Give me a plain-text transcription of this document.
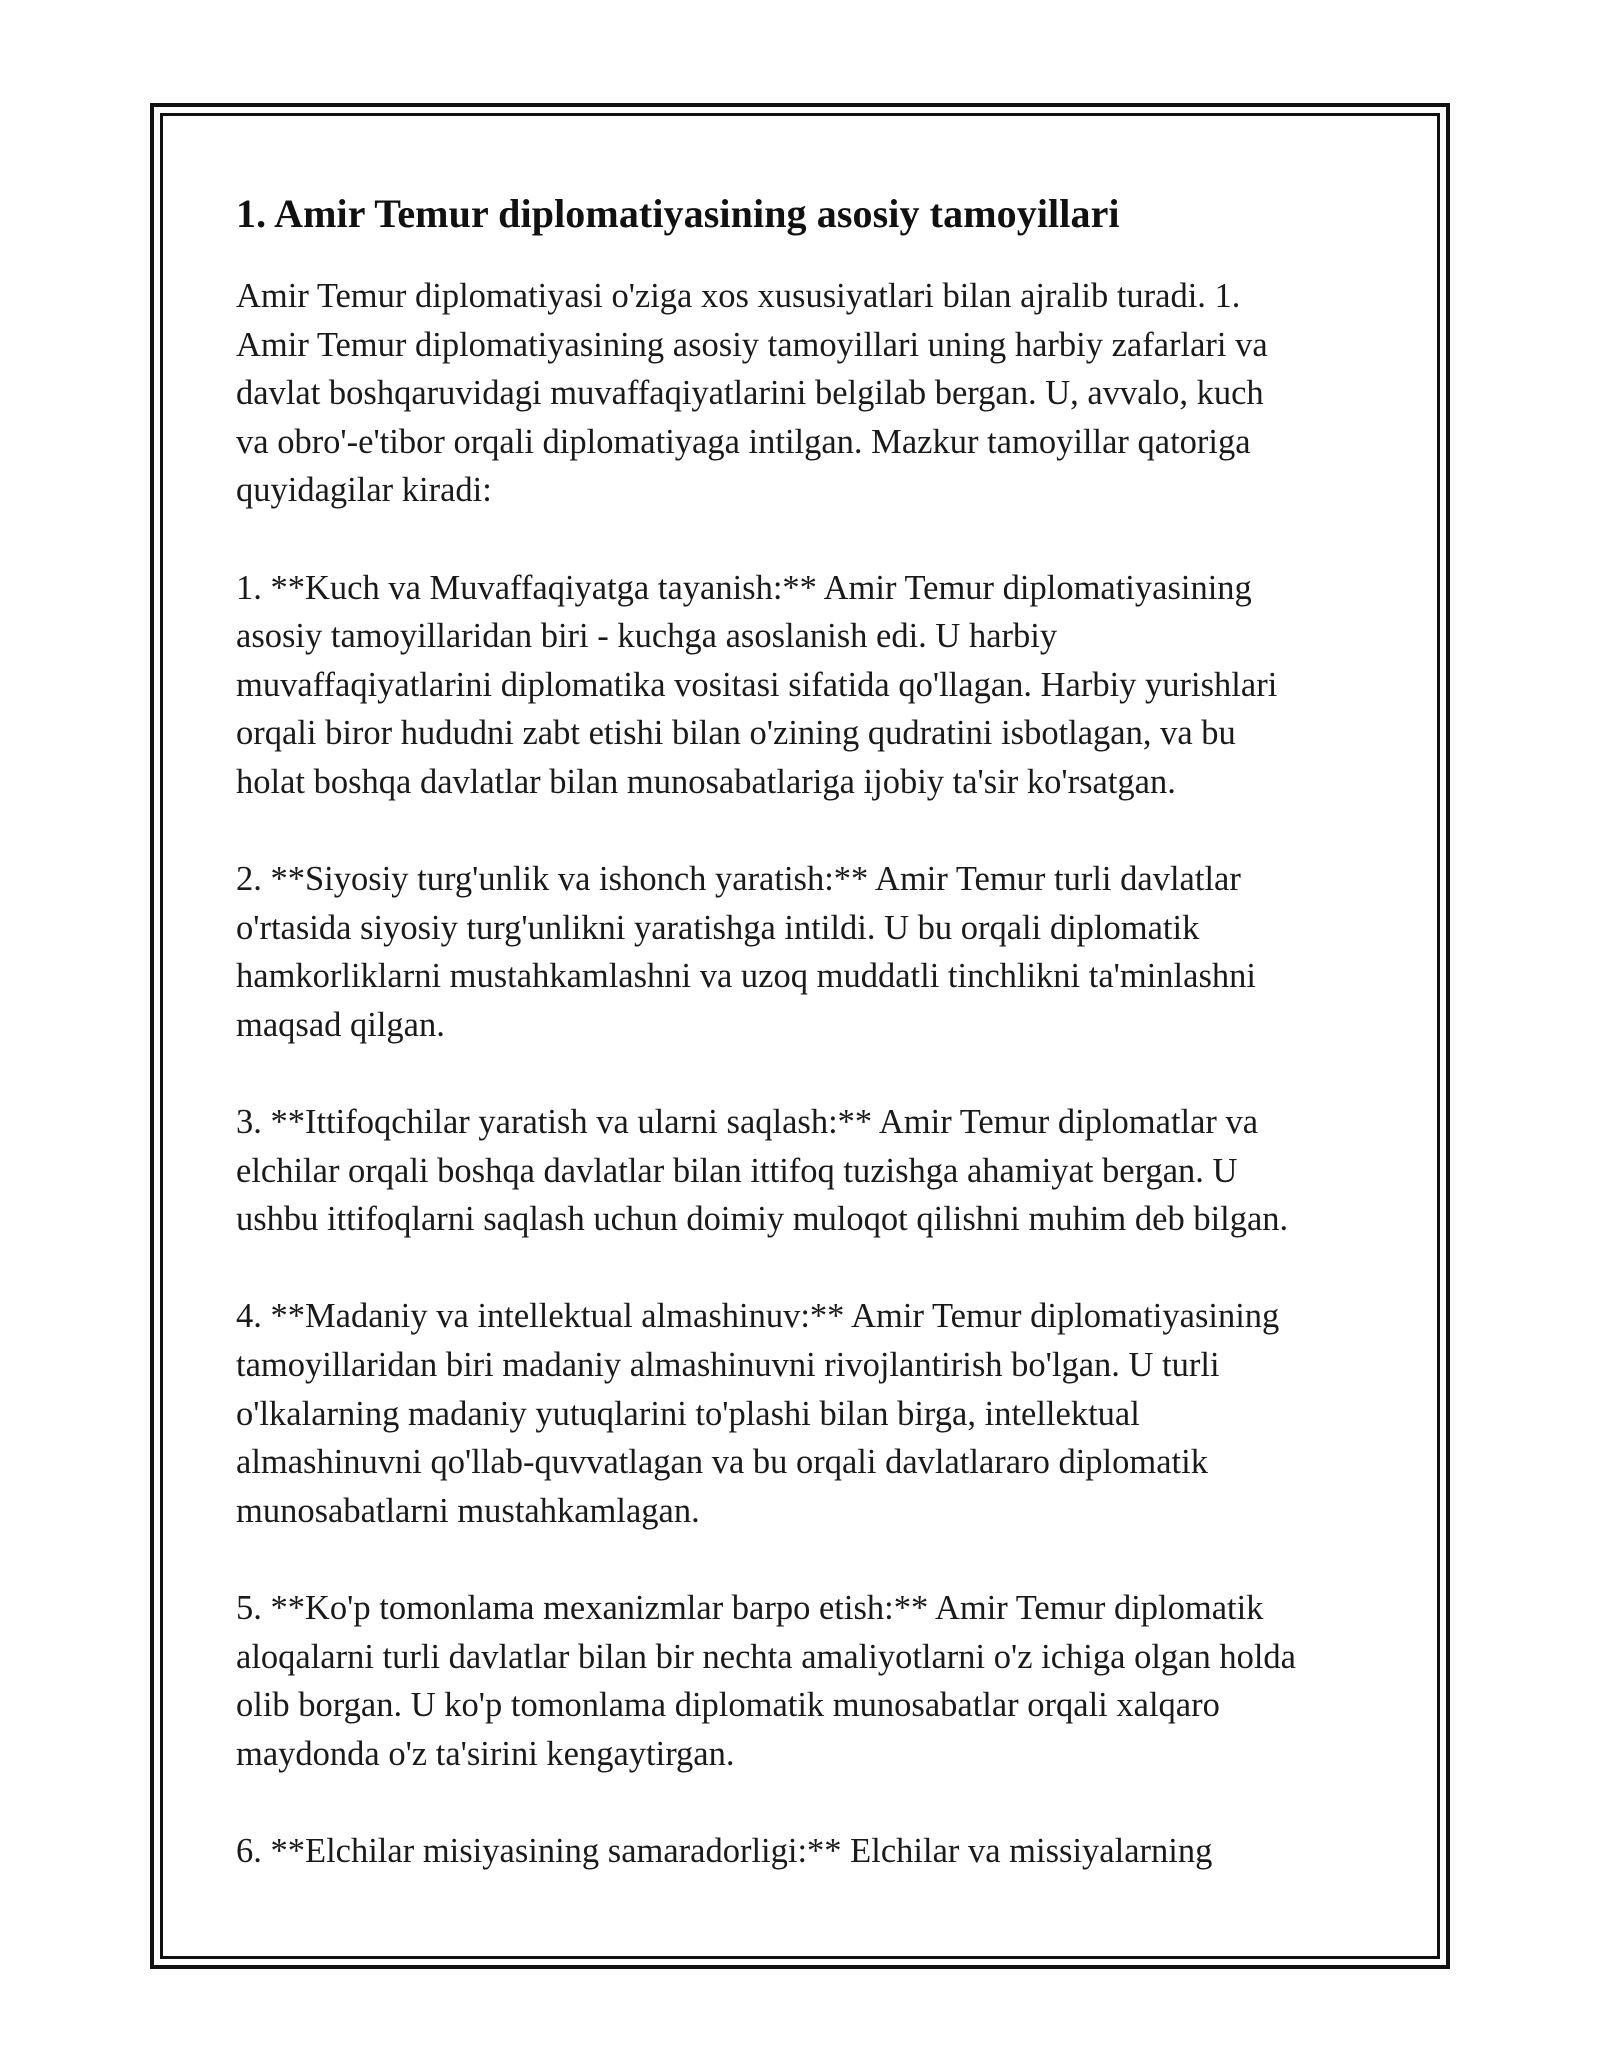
1. Amir Temur diplomatiyasining asosiy tamoyillari
Amir Temur diplomatiyasi o'ziga xos xususiyatlari bilan ajralib turadi. 1.
Amir Temur diplomatiyasining asosiy tamoyillari uning harbiy zafarlari va
davlat boshqaruvidagi muvaffaqiyatlarini belgilab bergan. U, avvalo, kuch
va obro'-e'tibor orqali diplomatiyaga intilgan. Mazkur tamoyillar qatoriga
quyidagilar kiradi:
1. **Kuch va Muvaffaqiyatga tayanish:** Amir Temur diplomatiyasining
asosiy tamoyillaridan biri - kuchga asoslanish edi. U harbiy
muvaffaqiyatlarini diplomatika vositasi sifatida qo'llagan. Harbiy yurishlari
orqali biror hududni zabt etishi bilan o'zining qudratini isbotlagan, va bu
holat boshqa davlatlar bilan munosabatlariga ijobiy ta'sir ko'rsatgan.
2. **Siyosiy turg'unlik va ishonch yaratish:** Amir Temur turli davlatlar
o'rtasida siyosiy turg'unlikni yaratishga intildi. U bu orqali diplomatik
hamkorliklarni mustahkamlashni va uzoq muddatli tinchlikni ta'minlashni
maqsad qilgan.
3. **Ittifoqchilar yaratish va ularni saqlash:** Amir Temur diplomatlar va
elchilar orqali boshqa davlatlar bilan ittifoq tuzishga ahamiyat bergan. U
ushbu ittifoqlarni saqlash uchun doimiy muloqot qilishni muhim deb bilgan.
4. **Madaniy va intellektual almashinuv:** Amir Temur diplomatiyasining
tamoyillaridan biri madaniy almashinuvni rivojlantirish bo'lgan. U turli
o'lkalarning madaniy yutuqlarini to'plashi bilan birga, intellektual
almashinuvni qo'llab-quvvatlagan va bu orqali davlatlararo diplomatik
munosabatlarni mustahkamlagan.
5. **Ko'p tomonlama mexanizmlar barpo etish:** Amir Temur diplomatik
aloqalarni turli davlatlar bilan bir nechta amaliyotlarni o'z ichiga olgan holda
olib borgan. U ko'p tomonlama diplomatik munosabatlar orqali xalqaro
maydonda o'z ta'sirini kengaytirgan.
6. **Elchilar misiyasining samaradorligi:** Elchilar va missiyalarning
